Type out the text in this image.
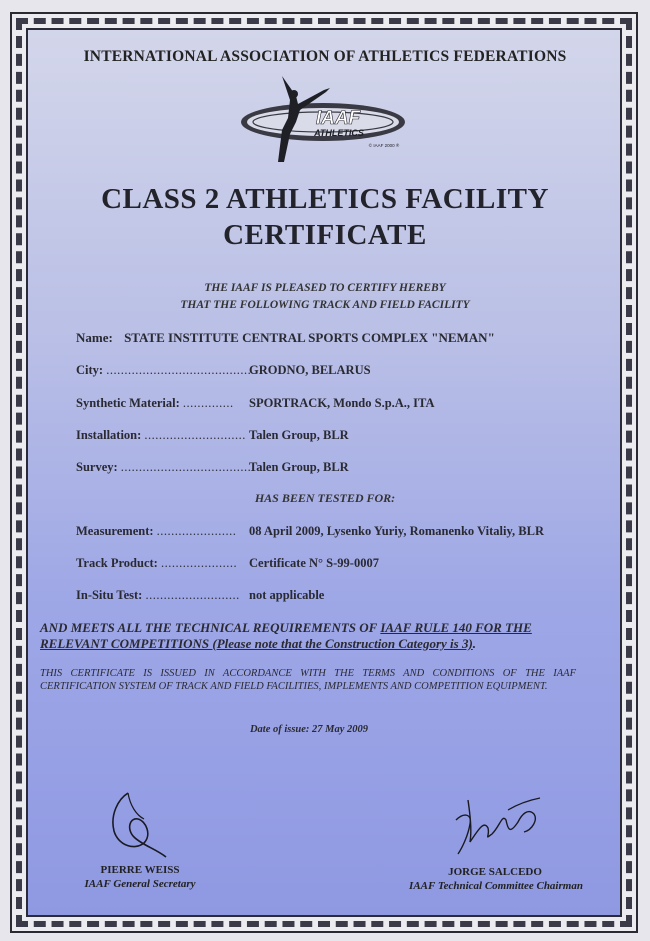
INTERNATIONAL ASSOCIATION OF ATHLETICS FEDERATIONS
IAAF
ATHLETICS
© IAAF 2000 ®
CLASS 2 ATHLETICS FACILITY
CERTIFICATE
THE IAAF IS PLEASED TO CERTIFY HEREBY
THAT THE FOLLOWING TRACK AND FIELD FACILITY
Name: STATE INSTITUTE CENTRAL SPORTS COMPLEX "NEMAN"
City: ........................................
GRODNO, BELARUS
Synthetic Material: .............. SPORTRACK, Mondo S.p.A., ITA
Installation: ............................ Talen Group, BLR
Survey: ....................................
Talen Group, BLR
HAS BEEN TESTED FOR:
Measurement: ...................... 08 April 2009, Lysenko Yuriy, Romanenko Vitaliy, BLR
Track Product: ..................... Certificate N° S-99-0007
In-Situ Test: .......................... not applicable
AND MEETS ALL THE TECHNICAL REQUIREMENTS OF IAAF RULE 140 FOR THE RELEVANT COMPETITIONS (Please note that the Construction Category is 3).
THIS CERTIFICATE IS ISSUED IN ACCORDANCE WITH THE TERMS AND CONDITIONS OF THE IAAF CERTIFICATION SYSTEM OF TRACK AND FIELD FACILITIES, IMPLEMENTS AND COMPETITION EQUIPMENT.
Date of issue: 27 May 2009
PIERRE WEISS
IAAF General Secretary
JORGE SALCEDO
IAAF Technical Committee Chairman
